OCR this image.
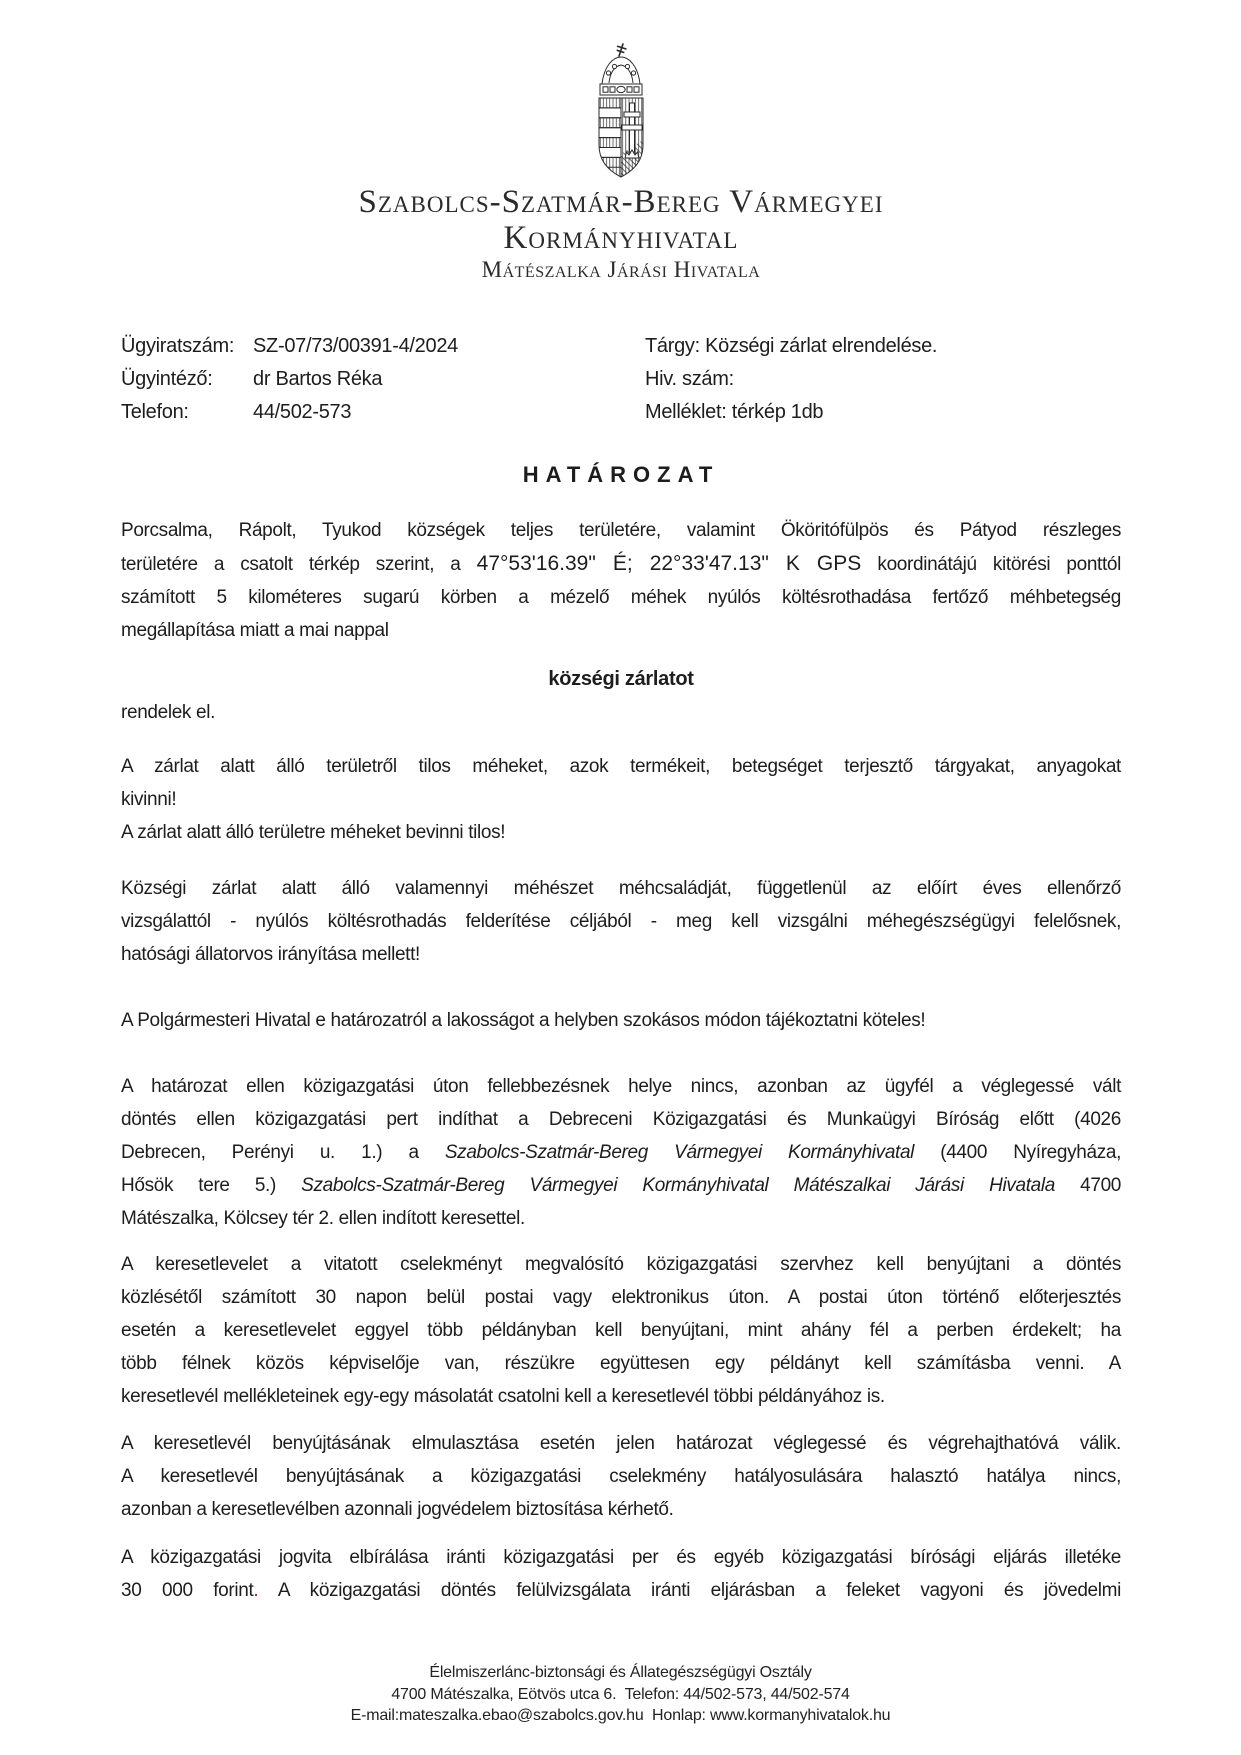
Szabolcs-Szatmár-Bereg Vármegyei
Kormányhivatal
Mátészalka Járási Hivatala
Ügyiratszám: SZ-07/73/00391-4/2024	Tárgy: Községi zárlat elrendelése.
Ügyintéző:	dr Bartos Réka	Hiv. szám:
Telefon:	44/502-573	Melléklet: térkép 1db
HATÁROZAT
Porcsalma, Rápolt, Tyukod községek teljes területére, valamint Ököritófülpös és Pátyod részleges
területére a csatolt térkép szerint, a 47°53'16.39" É; 22°33'47.13" K GPS koordinátájú kitörési ponttól
számított 5 kilométeres sugarú körben a mézelő méhek nyúlós költésrothadása fertőző méhbetegség
megállapítása miatt a mai nappal
községi zárlatot
rendelek el.
A zárlat alatt álló területről tilos méheket, azok termékeit, betegséget terjesztő tárgyakat, anyagokat
kivinni!
A zárlat alatt álló területre méheket bevinni tilos!
Községi zárlat alatt álló valamennyi méhészet méhcsaládját, függetlenül az előírt éves ellenőrző
vizsgálattól - nyúlós költésrothadás felderítése céljából - meg kell vizsgálni méhegészségügyi felelősnek,
hatósági állatorvos irányítása mellett!
A Polgármesteri Hivatal e határozatról a lakosságot a helyben szokásos módon tájékoztatni köteles!
A határozat ellen közigazgatási úton fellebbezésnek helye nincs, azonban az ügyfél a véglegessé vált
döntés ellen közigazgatási pert indíthat a Debreceni Közigazgatási és Munkaügyi Bíróság előtt (4026
Debrecen, Perényi u. 1.) a Szabolcs-Szatmár-Bereg Vármegyei Kormányhivatal (4400 Nyíregyháza,
Hősök tere 5.) Szabolcs-Szatmár-Bereg Vármegyei Kormányhivatal Mátészalkai Járási Hivatala 4700
Mátészalka, Kölcsey tér 2. ellen indított keresettel.
A keresetlevelet a vitatott cselekményt megvalósító közigazgatási szervhez kell benyújtani a döntés
közlésétől számított 30 napon belül postai vagy elektronikus úton. A postai úton történő előterjesztés
esetén a keresetlevelet eggyel több példányban kell benyújtani, mint ahány fél a perben érdekelt; ha
több félnek közös képviselője van, részükre együttesen egy példányt kell számításba venni. A
keresetlevél mellékleteinek egy-egy másolatát csatolni kell a keresetlevél többi példányához is.
A keresetlevél benyújtásának elmulasztása esetén jelen határozat véglegessé és végrehajthatóvá válik.
A keresetlevél benyújtásának a közigazgatási cselekmény hatályosulására halasztó hatálya nincs,
azonban a keresetlevélben azonnali jogvédelem biztosítása kérhető.
A közigazgatási jogvita elbírálása iránti közigazgatási per és egyéb közigazgatási bírósági eljárás illetéke
30 000 forint. A közigazgatási döntés felülvizsgálata iránti eljárásban a feleket vagyoni és jövedelmi
Élelmiszerlánc-biztonsági és Állategészségügyi Osztály
4700 Mátészalka, Eötvös utca 6.  Telefon: 44/502-573, 44/502-574
E-mail:mateszalka.ebao@szabolcs.gov.hu  Honlap: www.kormanyhivatalok.hu
